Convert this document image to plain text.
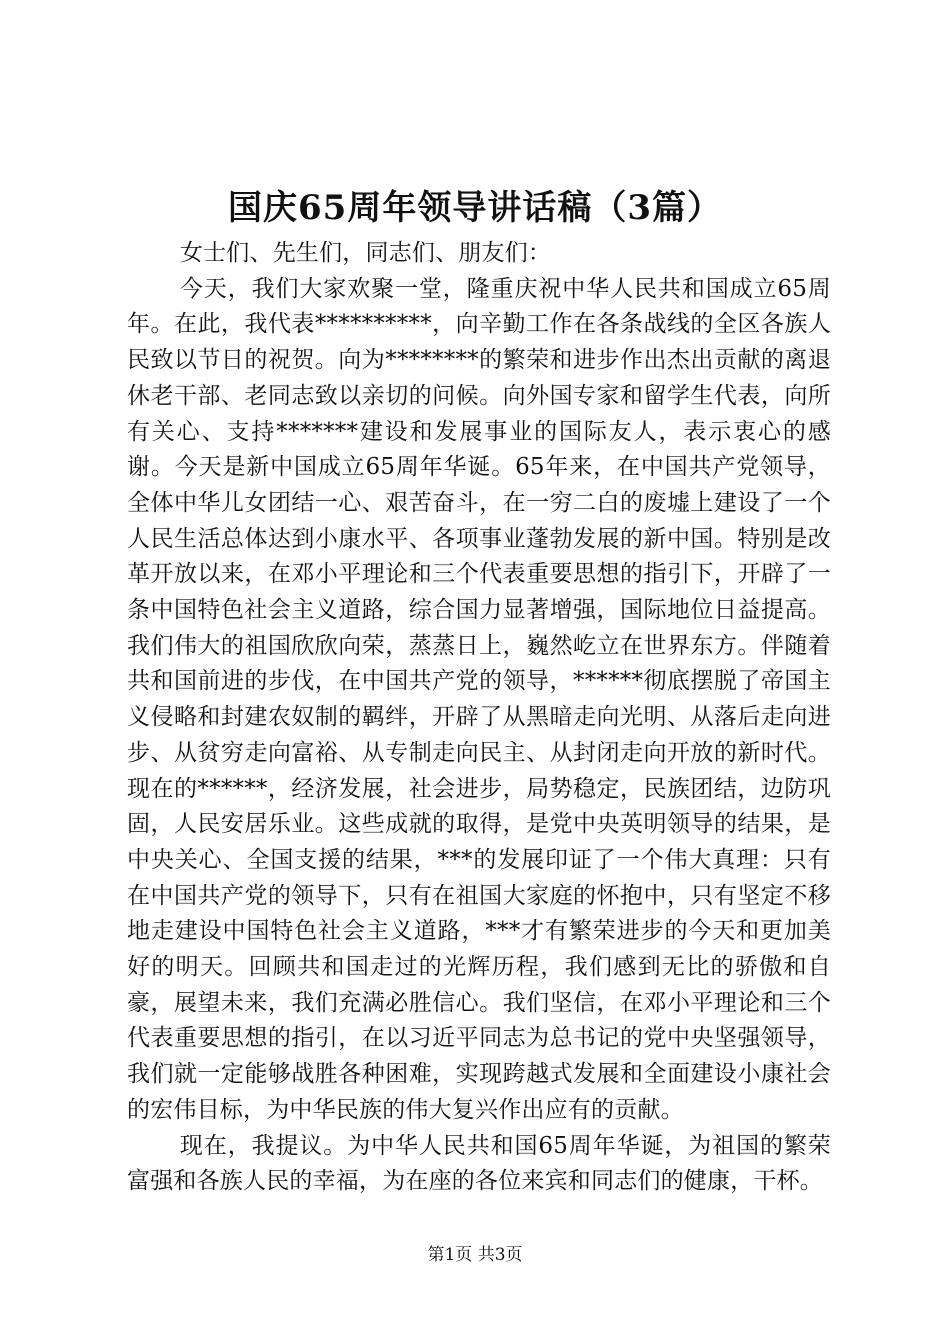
国庆65周年领导讲话稿（3篇）

女士们、先生们，同志们、朋友们：

今天，我们大家欢聚一堂，隆重庆祝中华人民共和国成立65周年。在此，我代表**********，向辛勤工作在各条战线的全区各族人民致以节日的祝贺。向为********的繁荣和进步作出杰出贡献的离退休老干部、老同志致以亲切的问候。向外国专家和留学生代表，向所有关心、支持*******建设和发展事业的国际友人，表示衷心的感谢。今天是新中国成立65周年华诞。65年来，在中国共产党领导，全体中华儿女团结一心、艰苦奋斗，在一穷二白的废墟上建设了一个人民生活总体达到小康水平、各项事业蓬勃发展的新中国。特别是改革开放以来，在邓小平理论和三个代表重要思想的指引下，开辟了一条中国特色社会主义道路，综合国力显著增强，国际地位日益提高。我们伟大的祖国欣欣向荣，蒸蒸日上，巍然屹立在世界东方。伴随着共和国前进的步伐，在中国共产党的领导，******彻底摆脱了帝国主义侵略和封建农奴制的羁绊，开辟了从黑暗走向光明、从落后走向进步、从贫穷走向富裕、从专制走向民主、从封闭走向开放的新时代。现在的******，经济发展，社会进步，局势稳定，民族团结，边防巩固，人民安居乐业。这些成就的取得，是党中央英明领导的结果，是中央关心、全国支援的结果，***的发展印证了一个伟大真理：只有在中国共产党的领导下，只有在祖国大家庭的怀抱中，只有坚定不移地走建设中国特色社会主义道路，***才有繁荣进步的今天和更加美好的明天。回顾共和国走过的光辉历程，我们感到无比的骄傲和自豪，展望未来，我们充满必胜信心。我们坚信，在邓小平理论和三个代表重要思想的指引，在以习近平同志为总书记的党中央坚强领导，我们就一定能够战胜各种困难，实现跨越式发展和全面建设小康社会的宏伟目标，为中华民族的伟大复兴作出应有的贡献。

现在，我提议。为中华人民共和国65周年华诞，为祖国的繁荣富强和各族人民的幸福，为在座的各位来宾和同志们的健康，干杯。

第1页 共3页
